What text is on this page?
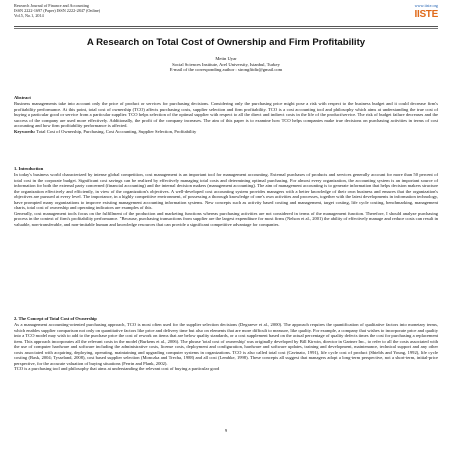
Research Journal of Finance and Accounting
ISSN 2222-1697 (Paper) ISSN 2222-2847 (Online)
Vol.5, No.1, 2014
www.iiste.org
IISTE
A Research on Total Cost of Ownership and Firm Profitability
Metin Uyar
Social Sciences Institute, Arel University, Istanbul, Turkey
E-mail of the corresponding author : strongfitdir@gmail.com
Abstract

Business managements take into account only the price of product or services for purchasing decisions. Considering only the purchasing price might pose a risk with respect to the business budget and it could decrease firm's profitability performance. At this point, total cost of ownership (TCO) affects purchasing costs, supplier selection and firm profitability. TCO is a cost accounting tool and philosophy which aims at understanding the true cost of buying a particular good or service from a particular supplier. TCO helps selection of the optimal supplier with respect to all the direct and indirect costs in the life of the product/service. The risk of budget failure decreases and the success of the company are used more effectively. Additionally, the profit of the company increases. The aim of this paper is to examine how TCO helps companies make true decisions on purchasing activities in terms of cost accounting and how firm profitability performance is affected.

Keywords: Total Cost of Ownership, Purchasing, Cost Accounting, Supplier Selection, Profitability

1. Introduction

In today's business world characterized by intense global competition, cost management is an important tool for management accounting. External purchases of products and services generally account for more than 50 percent of total cost in the corporate budget. Significant cost savings can be realized by effectively managing total costs and determining optimal purchasing. For almost every organization, the accounting system is an important source of information for both the external party concerned (financial accounting) and the internal decision makers (management accounting). The aim of management accounting is to generate information that helps decision makers structure the organization effectively and efficiently, in view of the organization's objectives. A well-developed cost accounting system provides managers with a better knowledge of their own business and ensures that the organization's objectives are pursued at every level. The importance, in a highly competitive environment, of possessing a thorough knowledge of one's own activities and processes, together with the latest developments in information technology, have prompted many organizations to improve existing management accounting information systems. New concepts such as activity based costing and management, target costing, life cycle costing, benchmarking, management charts, total cost of ownership and operating indicators are examples of this.

Generally, cost management tools focus on the fulfillment of the production and marketing functions whereas purchasing activities are not considered in terms of the management function. Therefore, I should analyze purchasing process in the context of firm's profitability performance. "Because, purchasing transactions from supplier are the largest expenditure for most firms (Nelson et al., 2001) the ability of effectively manage and reduce costs can result in valuable, non-transferable, and non-imitable human and knowledge resources that can provide a significant competitive advantage for companies.

2. The Concept of Total Cost of Ownership

As a management accounting-oriented purchasing approach, TCO is most often used for the supplier selection decisions (Degraeve et al., 2000). The approach requires the quantification of qualitative factors into monetary terms, which enables supplier comparison not only on quantitative factors like price and delivery time but also on elements that are more difficult to measure, like quality. For example, a company that wishes to incorporate price and quality into a TCO model may wish to add to the purchase price the cost of rework on items that are below quality standards, or a cost supplement based on the actual percentage of quality defects times the cost for purchasing a replacement item. This approach incorporates all the relevant costs in the model (Burkens et al., 2006). The phrase 'total cost of ownership' was originally developed by Bill Kirwin, director in Gartner Inc., to refer to all the costs associated with the use of computer hardware and software including the administrative costs, license costs, deployment and configuration, hardware and software updates, training and development, maintenance, technical support and any other costs associated with acquiring, deploying, operating, maintaining and upgrading computer systems in organizations. TCO is also called total cost (Cavinato, 1991), life cycle cost of product (Shields and Young, 1992), life cycle costing (Bask, 2004; Tysseland, 2008), cost based supplier selection (Monczka and Trecha, 1988) and all cost (Lembke, 1998). These concepts all suggest that managers adopt a long-term perspective, not a short-term, initial-price perspective, for the accurate valuation of buying situations (Ferrin and Plank, 2002).

TCO is a purchasing tool and philosophy that aims at understanding the relevant cost of buying a particular good

9
